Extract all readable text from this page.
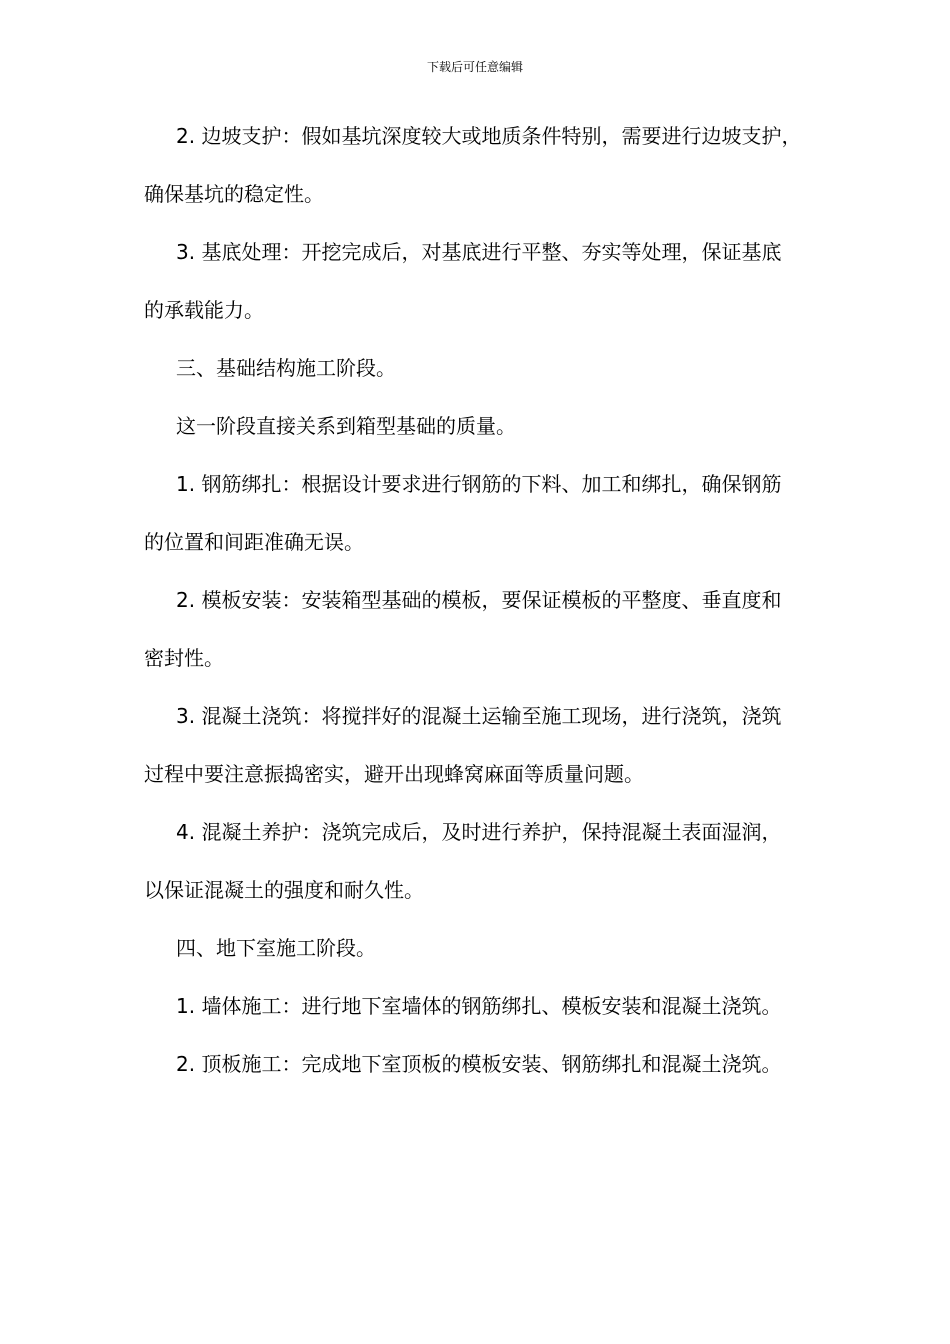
下载后可任意编辑
2. 边坡支护：假如基坑深度较大或地质条件特别，需要进行边坡支护，
确保基坑的稳定性。
3. 基底处理：开挖完成后，对基底进行平整、夯实等处理，保证基底
的承载能力。
三、基础结构施工阶段。
这一阶段直接关系到箱型基础的质量。
1. 钢筋绑扎：根据设计要求进行钢筋的下料、加工和绑扎，确保钢筋
的位置和间距准确无误。
2. 模板安装：安装箱型基础的模板，要保证模板的平整度、垂直度和
密封性。
3. 混凝土浇筑：将搅拌好的混凝土运输至施工现场，进行浇筑，浇筑
过程中要注意振捣密实，避开出现蜂窝麻面等质量问题。
4. 混凝土养护：浇筑完成后，及时进行养护，保持混凝土表面湿润，
以保证混凝土的强度和耐久性。
四、地下室施工阶段。
1. 墙体施工：进行地下室墙体的钢筋绑扎、模板安装和混凝土浇筑。
2. 顶板施工：完成地下室顶板的模板安装、钢筋绑扎和混凝土浇筑。
